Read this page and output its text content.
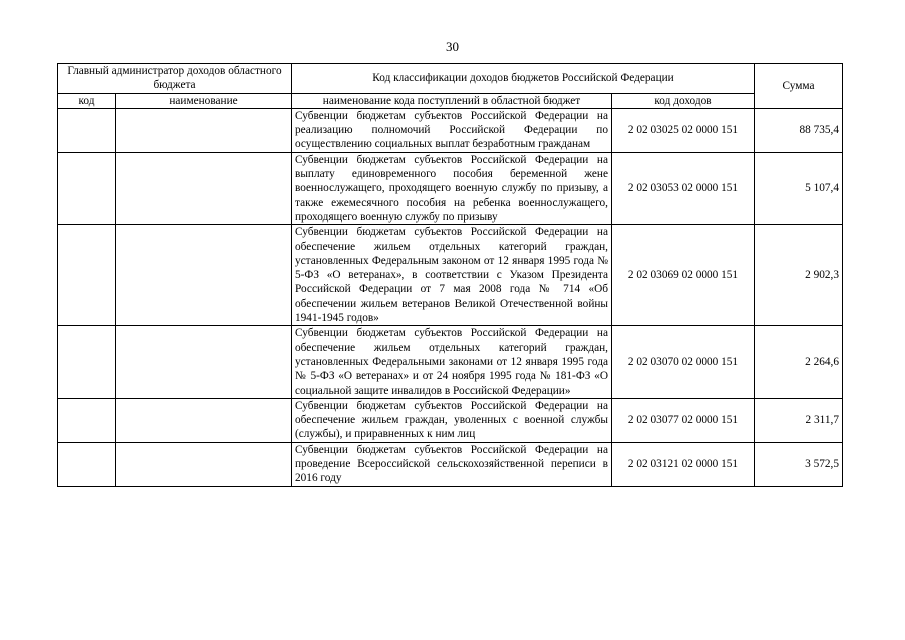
30
Главный администратор доходов областного бюджета		Код классификации доходов бюджетов Российской Федерации		Сумма
код	наименование	наименование кода поступлений в областной бюджет	код доходов	
		Субвенции бюджетам субъектов Российской Федерации на реализацию полномочий Российской Федерации по осуществлению социальных выплат безработным гражданам	2 02 03025 02 0000 151	88 735,4
		Субвенции бюджетам субъектов Российской Федерации на выплату единовременного пособия беременной жене военнослужащего, проходящего военную службу по призыву, а также ежемесячного пособия на ребенка военнослужащего, проходящего военную службу по призыву	2 02 03053 02 0000 151	5 107,4
		Субвенции бюджетам субъектов Российской Федерации на обеспечение жильем отдельных категорий граждан, установленных Федеральным законом от 12 января 1995 года № 5-ФЗ «О ветеранах», в соответствии с Указом Президента Российской Федерации от 7 мая 2008 года № 714 «Об обеспечении жильем ветеранов Великой Отечественной войны 1941-1945 годов»	2 02 03069 02 0000 151	2 902,3
		Субвенции бюджетам субъектов Российской Федерации на обеспечение жильем отдельных категорий граждан, установленных Федеральными законами от 12 января 1995 года № 5-ФЗ «О ветеранах» и от 24 ноября 1995 года № 181-ФЗ «О социальной защите инвалидов в Российской Федерации»	2 02 03070 02 0000 151	2 264,6
		Субвенции бюджетам субъектов Российской Федерации на обеспечение жильем граждан, уволенных с военной службы (службы), и приравненных к ним лиц	2 02 03077 02 0000 151	2 311,7
		Субвенции бюджетам субъектов Российской Федерации на проведение Всероссийской сельскохозяйственной переписи в 2016 году	2 02 03121 02 0000 151	3 572,5
